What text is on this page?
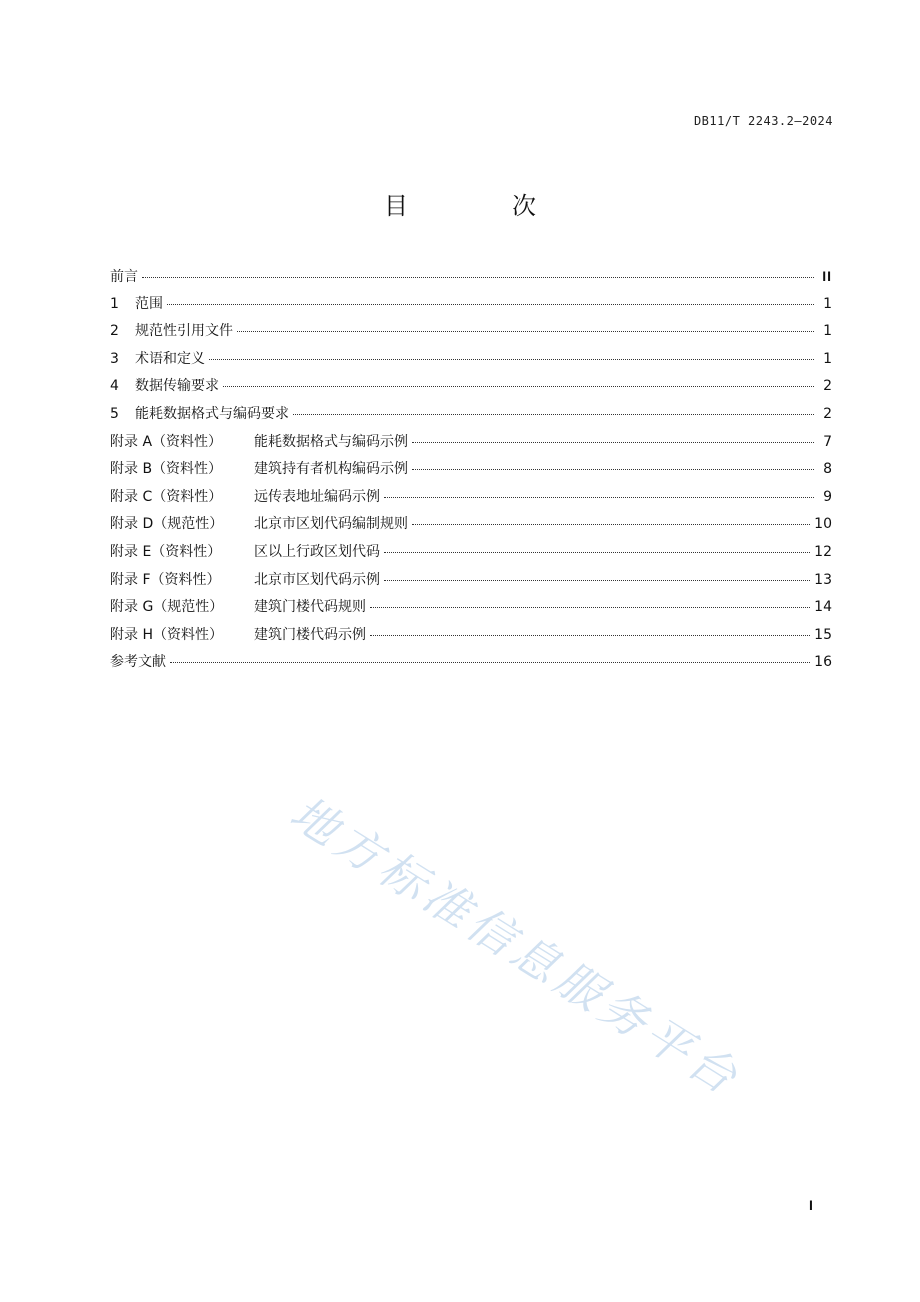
DB11/T 2243.2—2024
目　次
前言	II
1	范围	1
2	规范性引用文件	1
3	术语和定义	1
4	数据传输要求	2
5	能耗数据格式与编码要求	2
附录 A（资料性）	能耗数据格式与编码示例	7
附录 B（资料性）	建筑持有者机构编码示例	8
附录 C（资料性）	远传表地址编码示例	9
附录 D（规范性）	北京市区划代码编制规则	10
附录 E（资料性）	区以上行政区划代码	12
附录 F（资料性）	北京市区划代码示例	13
附录 G（规范性）	建筑门楼代码规则	14
附录 H（资料性）	建筑门楼代码示例	15
参考文献	16
地方标准信息服务平台
I
